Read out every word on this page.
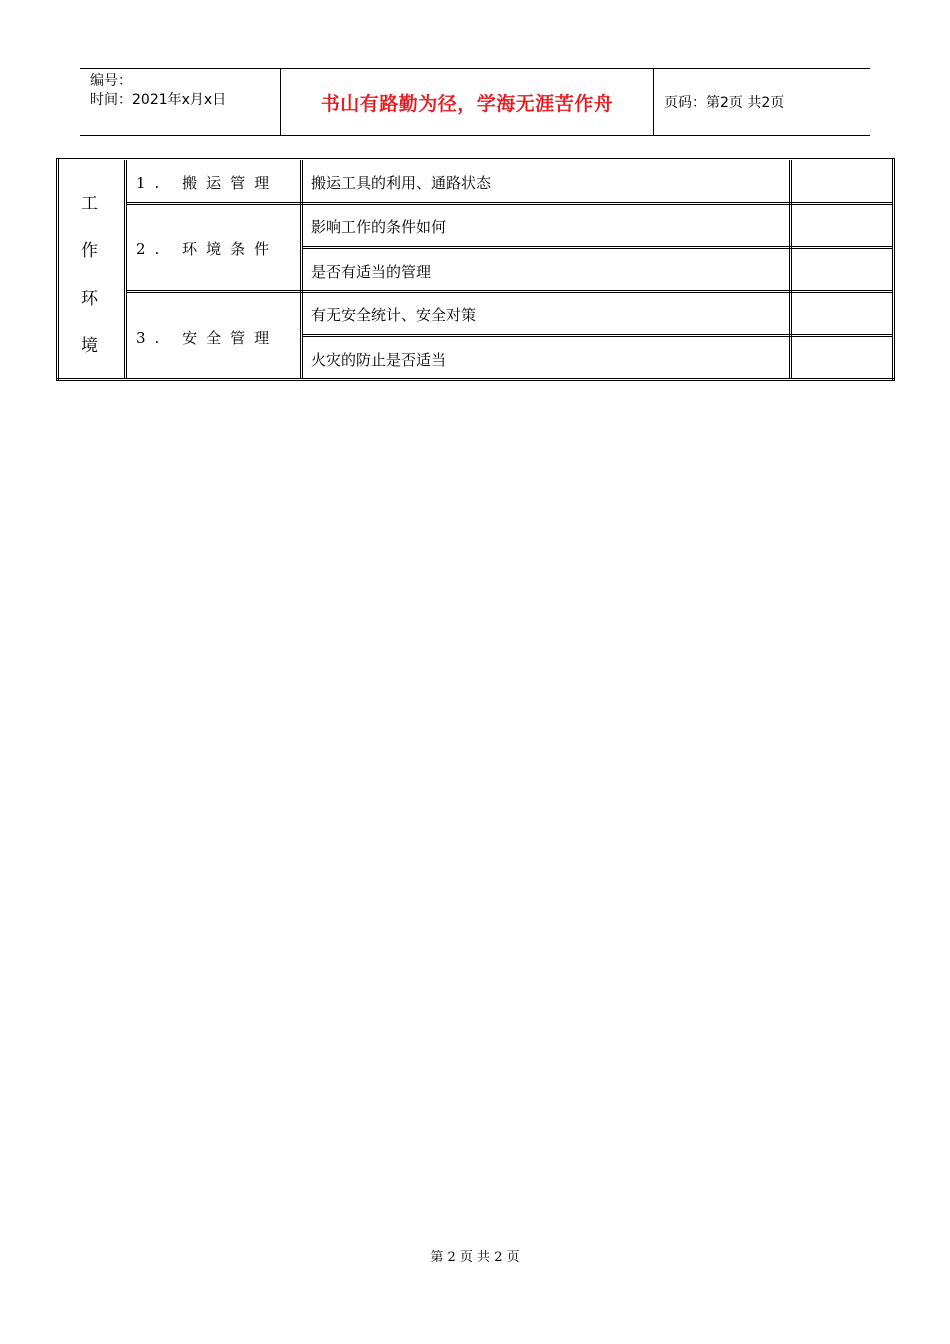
编号：
时间：2021年x月x日	书山有路勤为径，学海无涯苦作舟	页码：第2页 共2页
工
作
环
境
1. 搬运管理
2. 环境条件
3. 安全管理
搬运工具的利用、通路状态
影响工作的条件如何
是否有适当的管理
有无安全统计、安全对策
火灾的防止是否适当
第 2 页 共 2 页
